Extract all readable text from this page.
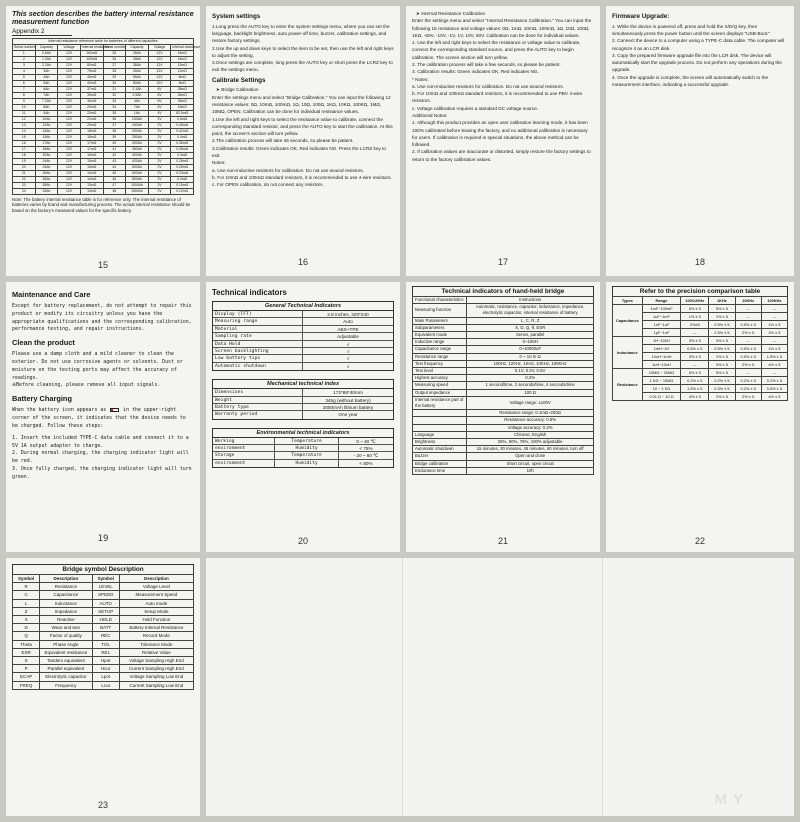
This section describes the battery internal resistance measurement function
Appendix 2
Internal resistance reference table for batteries of different capacities							
Serial number	Capacity	Voltage	Internal resistance	Serial number	Capacity	Voltage	Internal resistance
1	0.6Ah	12V	160mΩ	25	26Ah	12V	15mΩ
2	1.2Ah	12V	100mΩ	26	28Ah	12V	14mΩ
3	2.2Ah	12V	80mΩ	27	38Ah	12V	12mΩ
4	3Ah	12V	75mΩ	28	40Ah	12V	11mΩ
5	4Ah	12V	45mΩ	29	65Ah	12V	8mΩ
6	5Ah	12V	40mΩ	30	80Ah	12V	5mΩ
7	6Ah	12V	37mΩ	31	2.1Ah	6V	28mΩ
8	7Ah	12V	35mΩ	32	2.5Ah	6V	26mΩ
9	7.2Ah	12V	30mΩ	33	4Ah	6V	25mΩ
10	8Ah	12V	20mΩ	34	7Ah	6V	19mΩ
11	9Ah	12V	23mΩ	35	1Ah	4V	82.5mΩ
12	10Ah	12V	21mΩ	36	100Ah	2V	0.6mΩ
13	12Ah	12V	20mΩ	37	150Ah	2V	0.45mΩ
14	14Ah	12V	18mΩ	38	200Ah	2V	0.42mΩ
15	15Ah	12V	18mΩ	39	250Ah	2V	0.4mΩ
16	17Ah	12V	17mΩ	40	300Ah	2V	0.36mΩ
17	18Ah	12V	17mΩ	41	350Ah	2V	0.35mΩ
18	20Ah	12V	16mΩ	42	400Ah	2V	0.3mΩ
19	24Ah	12V	15mΩ	43	420Ah	2V	0.28mΩ
20	24Ah	12V	15mΩ	44	500Ah	2V	0.26mΩ
21	26Ah	12V	14mΩ	45	600Ah	2V	0.23mΩ
22	26Ah	12V	14mΩ	46	800Ah	2V	0.2mΩ
23	28Ah	12V	13mΩ	47	1000Ah	2V	0.15mΩ
24	33Ah	12V	13mΩ	48	1500Ah	2V	0.12mΩ
Note: The battery internal resistance table is for reference only. The internal resistance of batteries varies by brand and manufacturing process. The actual internal resistance should be based on the factory's measured values for the specific battery.
15
System settings

1.Long press the AUTO key to enter the system settings menu, where you can set the language, backlight brightness, auto power-off time, buzzer, calibration settings, and restore factory settings.

2.Use the up and down keys to select the item to be set, then use the left and right keys to adjust the setting.

3.Once settings are complete, long press the AUTO key or short press the LCRZ key to exit the settings menu.

Calibrate Settings

➤ Bridge Calibration

Enter the settings menu and select "Bridge Calibration." You can input the following 12 resistance values: 0Ω, 10mΩ, 100mΩ, 1Ω, 10Ω, 100Ω, 1KΩ, 10KΩ, 100KΩ, 1MΩ, 10MΩ, OPEN. Calibration can be done for individual resistance values.

1.Use the left and right keys to select the resistance value to calibrate, connect the corresponding standard resistor, and press the AUTO key to start the calibration. At this point, the screen's section will turn yellow.

2.The calibration process will take 45 seconds, so please be patient.

3.Calibration results: Green indicates OK, Red indicates NG. Press the LCRZ key to exit.

Notes:

a. Use non-inductive resistors for calibration. Do not use wound resistors.

b. For 10mΩ and 100mΩ standard resistors, it is recommended to use 4-wire resistors.

c. For OPEN calibration, do not connect any resistors.

16

➤ Internal Resistance Calibration

Enter the settings menu and select "Internal Resistance Calibration." You can input the following 15 resistance and voltage values: 0Ω, 1mΩ, 10mΩ, 100mΩ, 1Ω, 10Ω, 100Ω, 1KΩ, -60V, -10V, -1V, 1V, 10V, 60V. Calibration can be done for individual values.

1. Use the left and right keys to select the resistance or voltage value to calibrate, connect the corresponding standard source, and press the AUTO key to begin calibration. The screen section will turn yellow.

2. The calibration process will take a few seconds, so please be patient.

3. Calibration results: Green indicates OK, Red indicates NG.

* Notes:

a. Use non-inductive resistors for calibration. Do not use wound resistors.

b. For 10mΩ and 100mΩ standard resistors, it is recommended to use PBV 4-wire resistors.

c. Voltage calibration requires a standard DC voltage source.

Additional Notes:

1. Although this product provides an open user calibration learning mode, it has been 100% calibrated before leaving the factory, and no additional calibration is necessary for users. If calibration is required in special situations, the above method can be followed.

2. If calibration values are inaccurate or distorted, simply restore the factory settings to return to the factory calibration values.

17
Firmware Upgrade:

1. While the device is powered off, press and hold the X/D/Q key, then simultaneously press the power button until the screen displays "USB-Boot."

2. Connect the device to a computer using a TYPE-C data cable. The computer will recognize it as an LCR disk.

3. Copy the prepared firmware upgrade file into the LCR disk. The device will automatically start the upgrade process. Do not perform any operations during the upgrade.

4. Once the upgrade is complete, the screen will automatically switch to the measurement interface, indicating a successful upgrade.

18
Maintenance and Care

Except for battery replacement, do not attempt to repair this product or modify its circuitry unless you have the appropriate qualifications and the corresponding calibration, performance testing, and repair instructions.

Clean the product

Please use a damp cloth and a mild cleaner to clean the exterior. Do not use corrosive agents or solvents. Dust or moisture on the testing ports may affect the accuracy of readings.

※Before cleaning, please remove all input signals.

Battery Charging

When the battery icon appears as	in the upper-right corner of the screen, it indicates that the device needs to be charged. Follow these steps:

1. Insert the included TYPE-C data cable and connect it to a 5V 1A output adapter to charge.

2. During normal charging, the charging indicator light will be red.

3. Once fully charged, the charging indicator light will turn green.

19
Technical indicators
General Technical Indicators
Display (TFT)	2.8 inches, 320*240
Measuring range	Auto
Material	ABS+TPE
Sampling rate	Adjustable
Data Hold	√
Screen backlighting	√
Low battery tips	√
Automatic shutdown	√
Mechanical technical index
Dimensions	172*88*40mm
Weight	345g (without battery)
Battery type	2000mAh lithium battery
Warranty period	One year
Environmental technical indicators
Working	Temperature	0 ~ 40 ℃
environment	Humidity	< 75%
Storage	Temperature	- 20 ~ 60 ℃
environment	Humidity	< 80%
20
Technical indicators of hand-held bridge
Functional characteristics	Instructions
Measuring function	Automatic, resistance, capacitor, inductance, impedance, electrolytic capacitor, internal resistance of battery
Main Parameters	L, C, R, Z
Subparameters	X, D, Q, θ, ESR
Equivalent mode	Series, parallel
Inductive range	0~100H
Capacitance range	0~10000uF
Resistance range	0 ~ 10 m Ω
Test frequency	100Hz, 120Hz, 1KHz, 10KHz, 100KHz
Test level	0.1V, 0.3V, 0.6V
Highest accuracy	0.2%
Measuring speed	1 second/time, 2 seconds/time, 4 seconds/time
Output impedance	100 Ω
Internal resistance part of the battery	Voltage range: ±100V
	Resistance range: 0.1mΩ~200Ω
	Resistance accuracy: 0.5%
	Voltage accuracy: 0.2%
Language	Chinese, English
Brightness	25%, 50%, 75%, 100% adjustable
Automatic shutdown	15 minutes, 30 minutes, 45 minutes, 60 minutes, turn off
Buzzer	Open and close
Bridge calibration	Short circuit, open circuit
Endurance time	10h
21
Refer to the precision comparison table
Types	Range	100/120Hz	1KHz	10KHz	100KHz
Capacitance	1mF~100mF	5% ± 5	5% ± 5	---	---
	1uF~1mF	1% ± 5	1% ± 5	---	---
	1nF~1uF	2%±5	0.5% ± 5	0.5% ± 5	1% ± 5
	1pF~1nF	---	2.5% ± 5	2% ± 5	2% ± 5
Inductance	1H~100H	3% ± 5	3% ± 5	---	---
	1mH~1H	0.5% ± 5	0.5% ± 5	0.5% ± 5	1% ± 5
	10uH~1mH	3% ± 5	1% ± 5	0.5% ± 5	1.5% ± 5
	1uH~10uH	---	3% ± 5	2% ± 5	4% ± 5
Resistance	10MΩ ~ 20MΩ	5% ± 5	5% ± 5	---	---
	1 KΩ ~ 10MΩ	0.2% ± 5	0.2% ± 5	0.2% ± 5	0.2% ± 5
	10 ~ 1 KΩ	1.5% ± 5	0.3% ± 5	0.2% ± 5	0.5% ± 5
	0.01 Ω ~ 10 Ω	4% ± 5	2% ± 5	2% ± 5	4% ± 5
22
Bridge symbol Description
Symbol	Description	Symbol	Description
R	Resistance	LEVEL	Voltage Level
C	Capacitance	SPEED	Measurement Speed
L	Inductance	AUTO	Auto mode
Z	Impedance	SETUP	Setup Mode
X	Reactive	HOLD	Hold Function
D	Wear and tear	BATT	Battery Internal Resistance
Q	Factor of quality	REC	Record Mode
Theta	Phase Angle	TOL	Tolerance Mode
ESR	Equivalent resistance	REL	Relative Value
S	Tandem equivalent	Hpot	Voltage Sampling High End
P	Parallel equivalent	Hcur	Current Sampling High End
ECAP	Electrolytic capacitor	Lpot	Voltage Sampling Low End
FREQ	Frequency	Lcur	Current Sampling Low End
23	M Y
